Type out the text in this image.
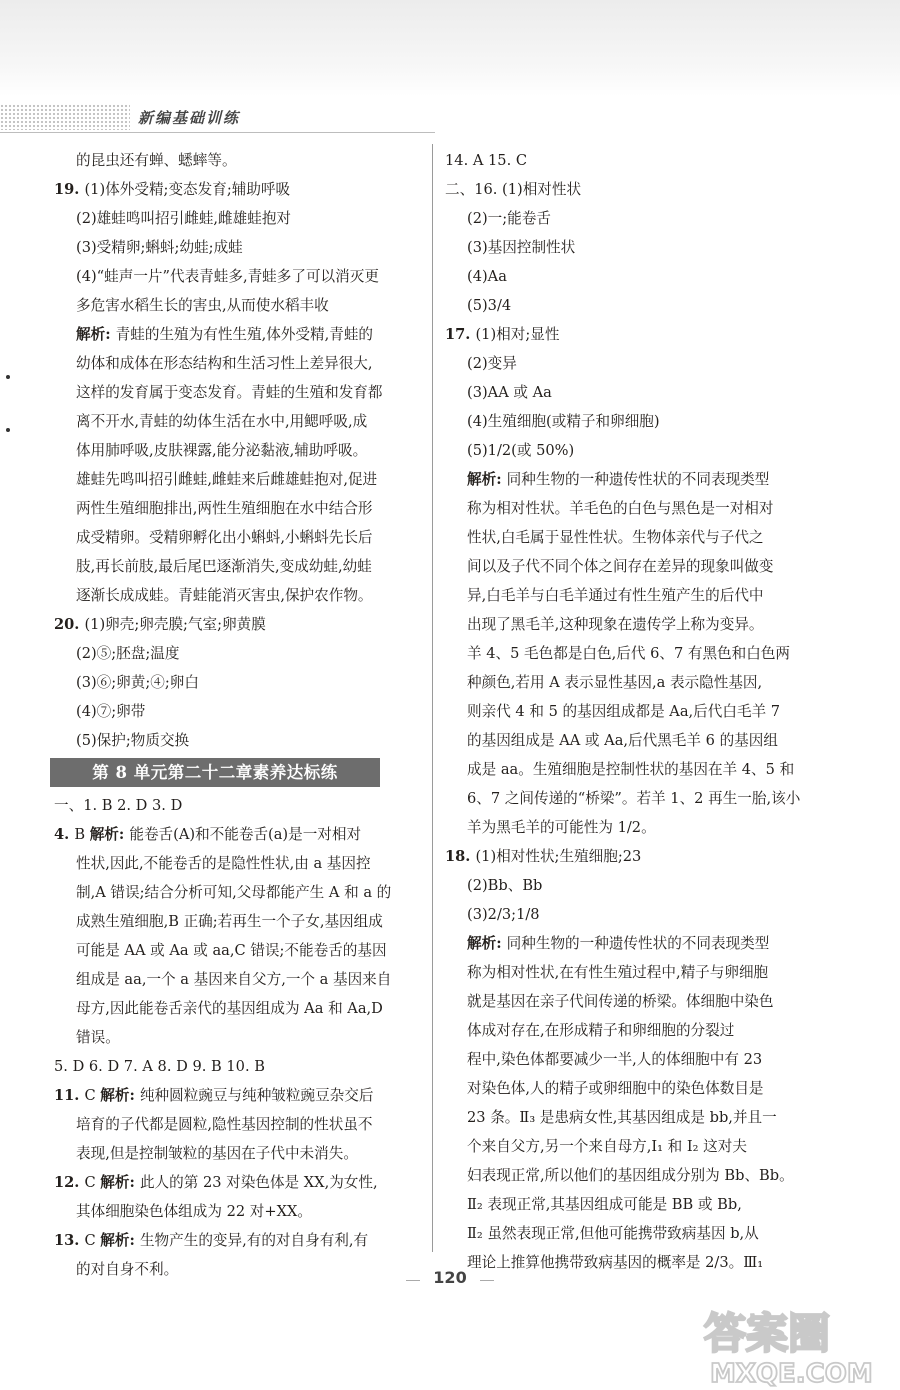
新编基础训练
的昆虫还有蝉、蟋蟀等。
19. (1)体外受精;变态发育;辅助呼吸
(2)雄蛙鸣叫招引雌蛙,雌雄蛙抱对
(3)受精卵;蝌蚪;幼蛙;成蛙
(4)“蛙声一片”代表青蛙多,青蛙多了可以消灭更
多危害水稻生长的害虫,从而使水稻丰收
解析: 青蛙的生殖为有性生殖,体外受精,青蛙的
幼体和成体在形态结构和生活习性上差异很大,
这样的发育属于变态发育。青蛙的生殖和发育都
离不开水,青蛙的幼体生活在水中,用鳃呼吸,成
体用肺呼吸,皮肤裸露,能分泌黏液,辅助呼吸。
雄蛙先鸣叫招引雌蛙,雌蛙来后雌雄蛙抱对,促进
两性生殖细胞排出,两性生殖细胞在水中结合形
成受精卵。受精卵孵化出小蝌蚪,小蝌蚪先长后
肢,再长前肢,最后尾巴逐渐消失,变成幼蛙,幼蛙
逐渐长成成蛙。青蛙能消灭害虫,保护农作物。
20. (1)卵壳;卵壳膜;气室;卵黄膜
(2)⑤;胚盘;温度
(3)⑥;卵黄;④;卵白
(4)⑦;卵带
(5)保护;物质交换
第 8 单元第二十二章素养达标练
一、1. B 2. D 3. D
4. B 解析: 能卷舌(A)和不能卷舌(a)是一对相对
性状,因此,不能卷舌的是隐性性状,由 a 基因控
制,A 错误;结合分析可知,父母都能产生 A 和 a 的
成熟生殖细胞,B 正确;若再生一个子女,基因组成
可能是 AA 或 Aa 或 aa,C 错误;不能卷舌的基因
组成是 aa,一个 a 基因来自父方,一个 a 基因来自
母方,因此能卷舌亲代的基因组成为 Aa 和 Aa,D
错误。
5. D 6. D 7. A 8. D 9. B 10. B
11. C 解析: 纯种圆粒豌豆与纯种皱粒豌豆杂交后
培育的子代都是圆粒,隐性基因控制的性状虽不
表现,但是控制皱粒的基因在子代中未消失。
12. C 解析: 此人的第 23 对染色体是 XX,为女性,
其体细胞染色体组成为 22 对+XX。
13. C 解析: 生物产生的变异,有的对自身有利,有
的对自身不利。
14. A 15. C
二、16. (1)相对性状
(2)一;能卷舌
(3)基因控制性状
(4)Aa
(5)3/4
17. (1)相对;显性
(2)变异
(3)AA 或 Aa
(4)生殖细胞(或精子和卵细胞)
(5)1/2(或 50%)
解析: 同种生物的一种遗传性状的不同表现类型
称为相对性状。羊毛色的白色与黑色是一对相对
性状,白毛属于显性性状。生物体亲代与子代之
间以及子代不同个体之间存在差异的现象叫做变
异,白毛羊与白毛羊通过有性生殖产生的后代中
出现了黑毛羊,这种现象在遗传学上称为变异。
羊 4、5 毛色都是白色,后代 6、7 有黑色和白色两
种颜色,若用 A 表示显性基因,a 表示隐性基因,
则亲代 4 和 5 的基因组成都是 Aa,后代白毛羊 7
的基因组成是 AA 或 Aa,后代黑毛羊 6 的基因组
成是 aa。生殖细胞是控制性状的基因在羊 4、5 和
6、7 之间传递的“桥梁”。若羊 1、2 再生一胎,该小
羊为黑毛羊的可能性为 1/2。
18. (1)相对性状;生殖细胞;23
(2)Bb、Bb
(3)2/3;1/8
解析: 同种生物的一种遗传性状的不同表现类型
称为相对性状,在有性生殖过程中,精子与卵细胞
就是基因在亲子代间传递的桥梁。体细胞中染色
体成对存在,在形成精子和卵细胞的分裂过
程中,染色体都要减少一半,人的体细胞中有 23
对染色体,人的精子或卵细胞中的染色体数目是
23 条。Ⅱ₃ 是患病女性,其基因组成是 bb,并且一
个来自父方,另一个来自母方,Ⅰ₁ 和 Ⅰ₂ 这对夫
妇表现正常,所以他们的基因组成分别为 Bb、Bb。
Ⅱ₂ 表现正常,其基因组成可能是 BB 或 Bb,
Ⅱ₂ 虽然表现正常,但他可能携带致病基因 b,从
理论上推算他携带致病基因的概率是 2/3。Ⅲ₁
120
答案圈
MXQE.COM
